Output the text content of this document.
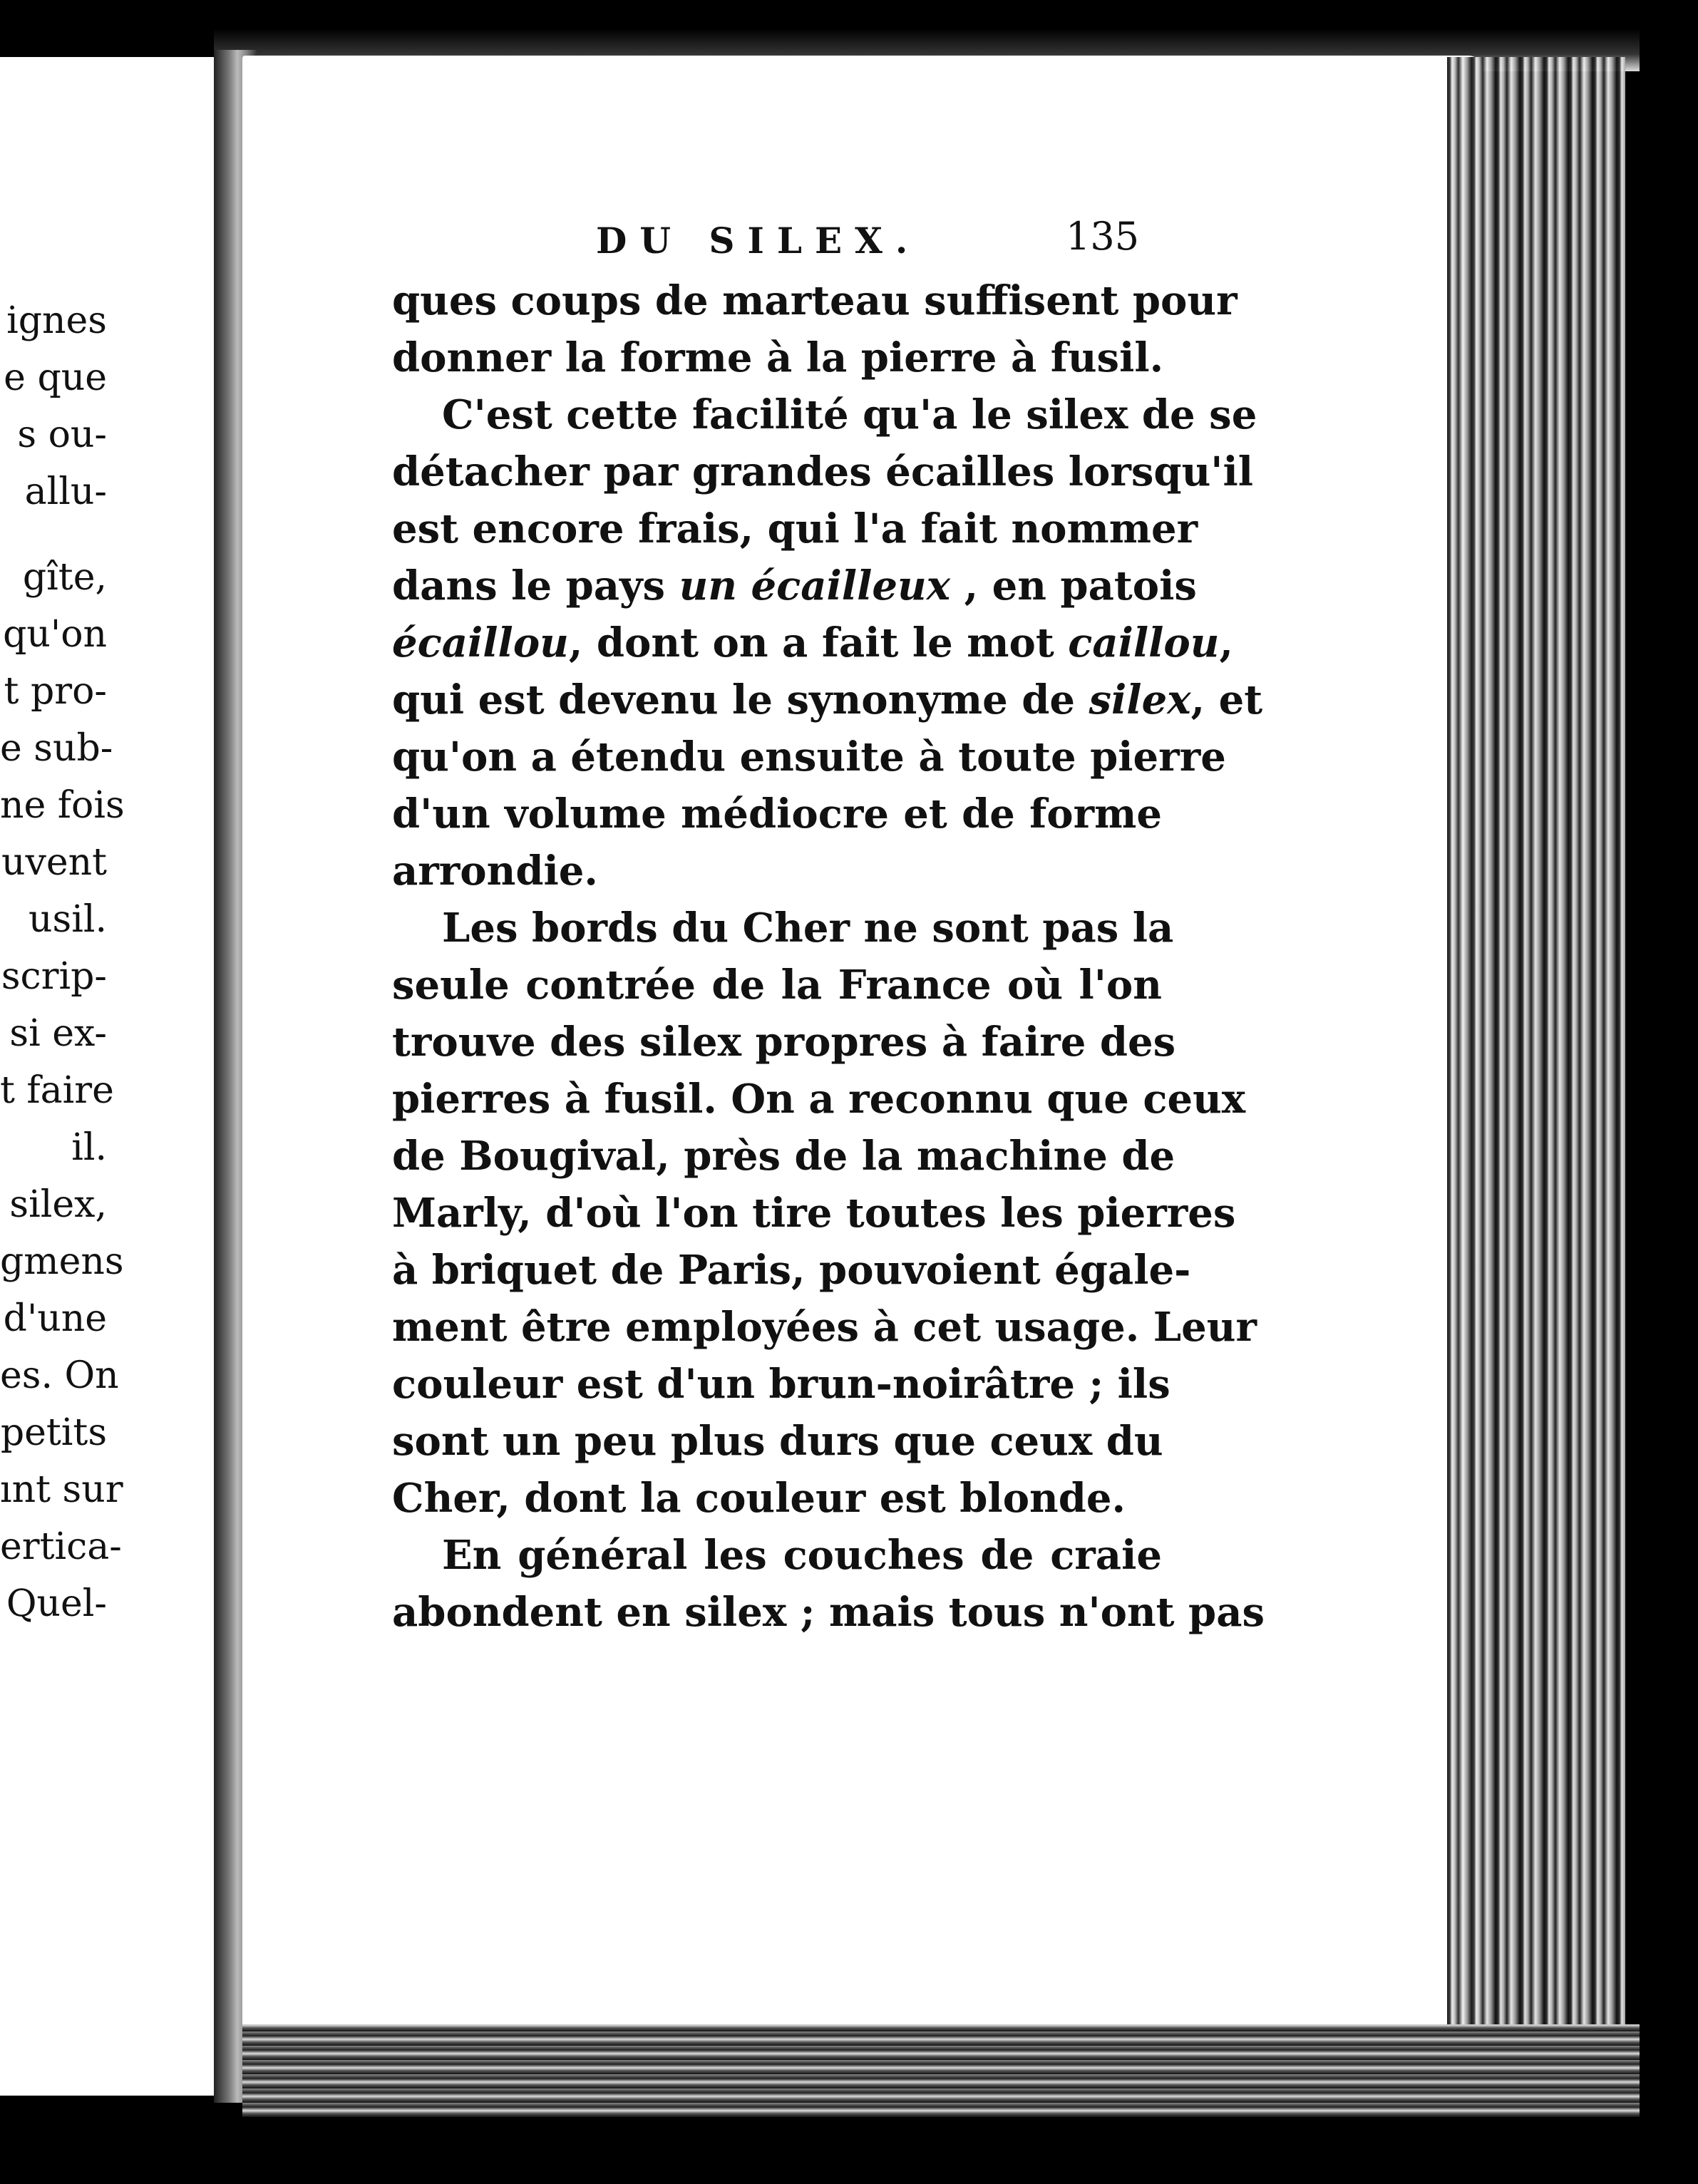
ignes
e que
s ou-
allu-
gîte,
qu'on
t pro-
e sub-
ne fois
uvent
usil.
scrip-
si ex-
t faire
il.
silex,
gmens
d'une
es. On
petits
ınt sur
ertica-
Quel-
DU SILEX.	135
ques coups de marteau suffisent pour
donner la forme à la pierre à fusil.
C'est cette facilité qu'a le silex de se
détacher par grandes écailles lorsqu'il
est encore frais, qui l'a fait nommer
dans le pays un écailleux , en patois
écaillou, dont on a fait le mot caillou,
qui est devenu le synonyme de silex, et
qu'on a étendu ensuite à toute pierre
d'un volume médiocre et de forme
arrondie.
Les bords du Cher ne sont pas la
seule contrée de la France où l'on
trouve des silex propres à faire des
pierres à fusil. On a reconnu que ceux
de Bougival, près de la machine de
Marly, d'où l'on tire toutes les pierres
à briquet de Paris, pouvoient égale-
ment être employées à cet usage. Leur
couleur est d'un brun-noirâtre ; ils
sont un peu plus durs que ceux du
Cher, dont la couleur est blonde.
En général les couches de craie
abondent en silex ; mais tous n'ont pas
